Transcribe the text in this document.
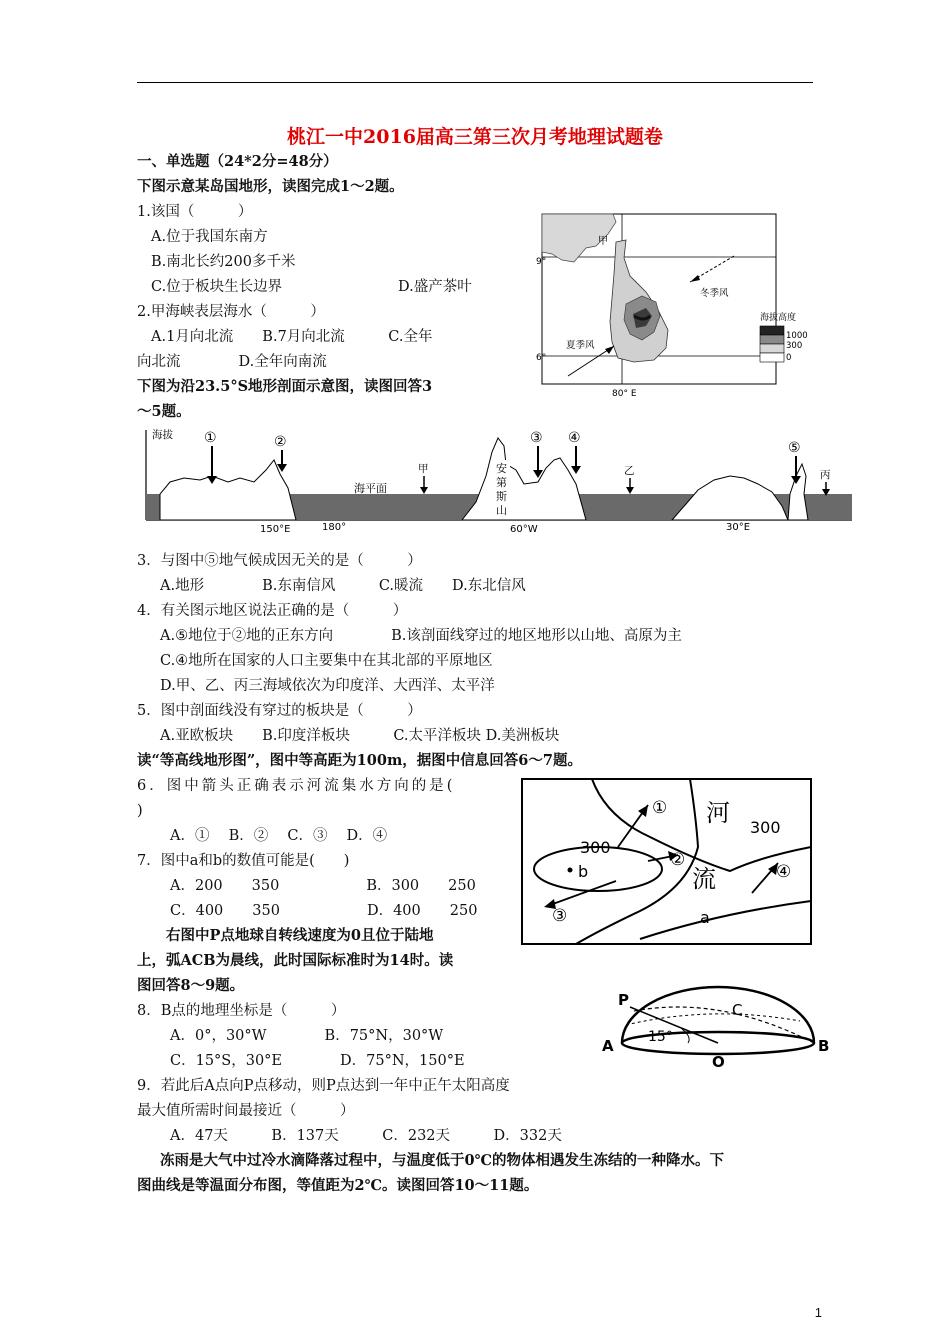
桃江一中2016届高三第三次月考地理试题卷
一、单选题（24*2分=48分）
下图示意某岛国地形，读图完成1～2题。
1.该国（　　　）
A.位于我国东南方
B.南北长约200多千米
C.位于板块生长边界	D.盛产茶叶
2.甲海峡表层海水（　　　）
A.1月向北流　　B.7月向北流　　　C.全年
向北流　　　　D.全年向南流
下图为沿23.5°S地形剖面示意图，读图回答3
～5题。
甲
9°
6°
80° E
冬季风
夏季风
海拔高度
1000
300
0
海拔 ①	②	③ ④
⑤
海平面
甲	乙	丙
安
第
斯
山
150°E	180°	60°W	30°E
3．与图中⑤地气候成因无关的是（　　　）
A.地形　　　　B.东南信风　　　C.暖流　　D.东北信风
4．有关图示地区说法正确的是（　　　）
A.⑤地位于②地的正东方向　　　　B.该剖面线穿过的地区地形以山地、高原为主
C.④地所在国家的人口主要集中在其北部的平原地区
D.甲、乙、丙三海域依次为印度洋、大西洋、太平洋
5．图中剖面线没有穿过的板块是（　　　）
A.亚欧板块　　B.印度洋板块　　　C.太平洋板块 D.美洲板块
读“等高线地形图”，图中等高距为100m，据图中信息回答6～7题。
6．图中箭头正确表示河流集水方向的是(
)
A．①　 B．②　 C．③　 D．④
7．图中a和b的数值可能是(　　)
A．200　　350　　　　　　B．300　　250
C．400　　350　　　　　　D．400　　250
①
②
③
④
河
流
300
300
a
b
　　右图中P点地球自转线速度为0且位于陆地
上，弧ACB为晨线，此时国际标准时为14时。读
图回答8～9题。
P
C
A	B
O
15°
8．B点的地理坐标是（　　　）
A．0°，30°W　　　　B．75°N，30°W
C．15°S，30°E　　　　D．75°N，150°E
9．若此后A点向P点移动，则P点达到一年中正午太阳高度
最大值所需时间最接近（　　　）
A．47天　　　B．137天　　　C．232天　　　D．332天
冻雨是大气中过冷水滴降落过程中，与温度低于0℃的物体相遇发生冻结的一种降水。下
图曲线是等温面分布图，等值距为2℃。读图回答10～11题。
1
